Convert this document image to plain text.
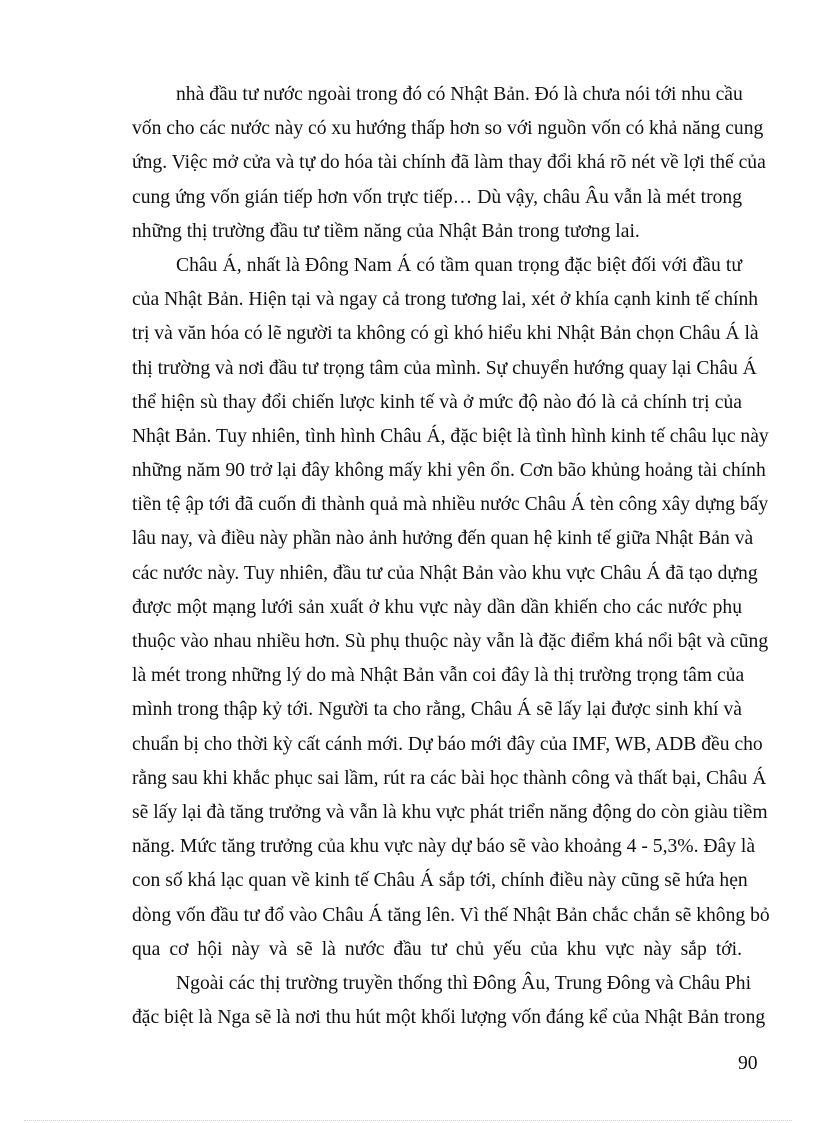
nhà đầu tư nước ngoài trong đó có Nhật Bản. Đó là chưa nói tới nhu cầu
vốn cho các nước này có xu hướng thấp hơn so với nguồn vốn có khả năng cung
ứng. Việc mở cửa và tự do hóa tài chính đã làm thay đổi khá rõ nét về lợi thế của
cung ứng vốn gián tiếp hơn vốn trực tiếp… Dù vậy, châu Âu vẫn là mét trong
những thị trường đầu tư tiềm năng của Nhật Bản trong tương lai.
Châu Á, nhất là Đông Nam Á có tầm quan trọng đặc biệt đối với đầu tư
của Nhật Bản. Hiện tại và ngay cả trong tương lai, xét ở khía cạnh kinh tế chính
trị và văn hóa có lẽ người ta không có gì khó hiểu khi Nhật Bản chọn Châu Á là
thị trường và nơi đầu tư trọng tâm của mình. Sự chuyển hướng quay lại Châu Á
thể hiện sù thay đổi chiến lược kinh tế và ở mức độ nào đó là cả chính trị của
Nhật Bản. Tuy nhiên, tình hình Châu Á, đặc biệt là tình hình kinh tế châu lục này
những năm 90 trở lại đây không mấy khi yên ổn. Cơn bão khủng hoảng tài chính
tiền tệ ập tới đã cuốn đi thành quả mà nhiều nước Châu Á tèn công xây dựng bấy
lâu nay, và điều này phần nào ảnh hưởng đến quan hệ kinh tế giữa Nhật Bản và
các nước này. Tuy nhiên, đầu tư của Nhật Bản vào khu vực Châu Á đã tạo dựng
được một mạng lưới sản xuất ở khu vực này dần dần khiến cho các nước phụ
thuộc vào nhau nhiều hơn. Sù phụ thuộc này vẫn là đặc điểm khá nổi bật và cũng
là mét trong những lý do mà Nhật Bản vẫn coi đây là thị trường trọng tâm của
mình trong thập kỷ tới. Người ta cho rằng, Châu Á sẽ lấy lại được sinh khí và
chuẩn bị cho thời kỳ cất cánh mới. Dự báo mới đây của IMF, WB, ADB đều cho
rằng sau khi khắc phục sai lầm, rút ra các bài học thành công và thất bại, Châu Á
sẽ lấy lại đà tăng trưởng và vẫn là khu vực phát triển năng động do còn giàu tiềm
năng. Mức tăng trưởng của khu vực này dự báo sẽ vào khoảng 4 - 5,3%. Đây là
con số khá lạc quan về kinh tế Châu Á sắp tới, chính điều này cũng sẽ hứa hẹn
dòng vốn đầu tư đổ vào Châu Á tăng lên. Vì thế Nhật Bản chắc chắn sẽ không bỏ
qua cơ hội này và sẽ là nước đầu tư chủ yếu của khu vực này sắp tới.
Ngoài các thị trường truyền thống thì Đông Âu, Trung Đông và Châu Phi
đặc biệt là Nga sẽ là nơi thu hút một khối lượng vốn đáng kể của Nhật Bản trong
90
